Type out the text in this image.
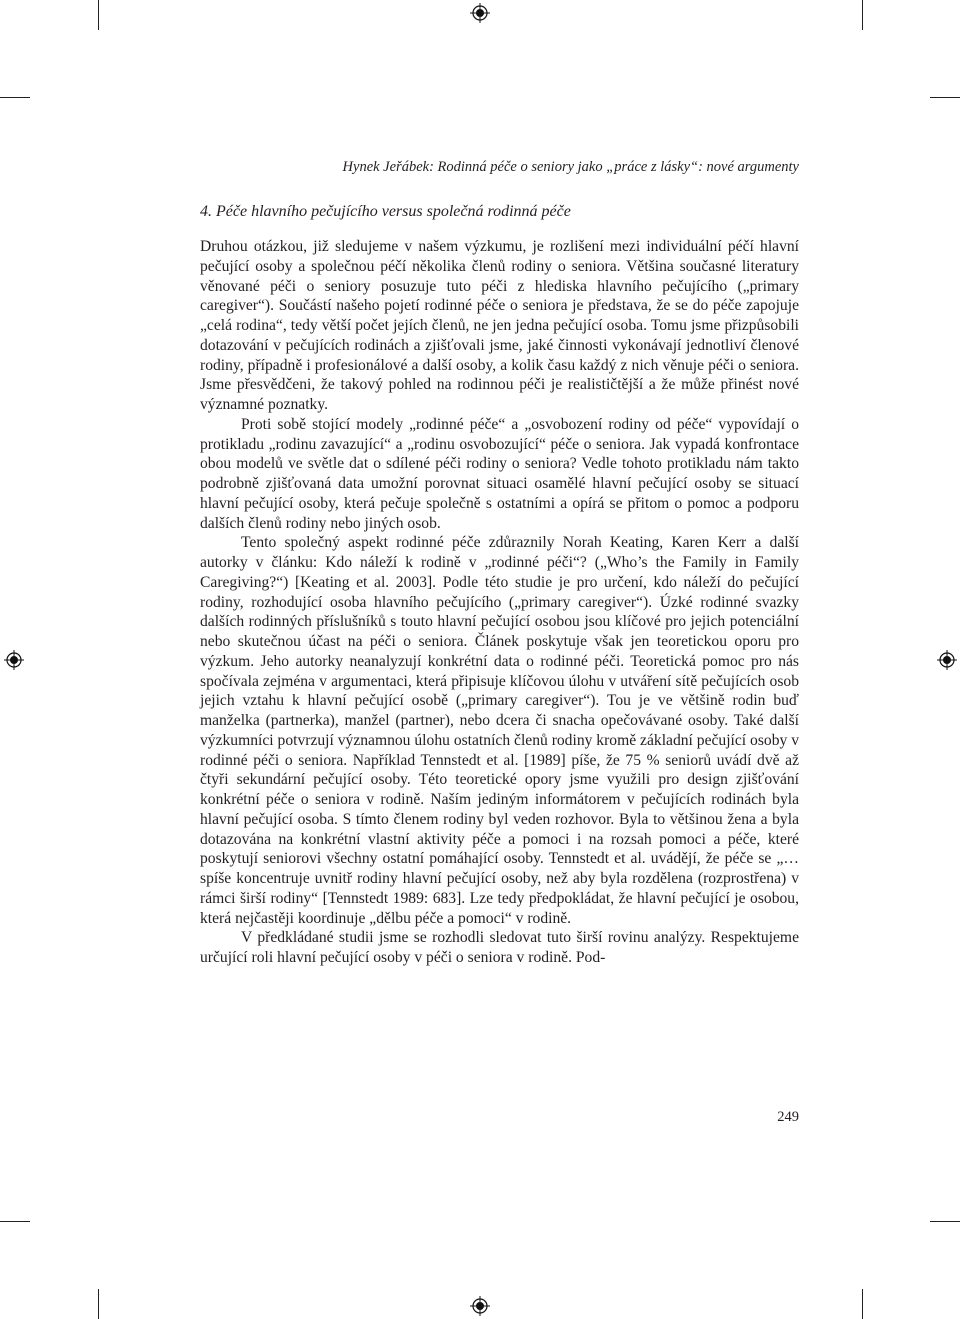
Hynek Jeřábek: Rodinná péče o seniory jako „práce z lásky“: nové argumenty
4. Péče hlavního pečujícího versus společná rodinná péče

Druhou otázkou, již sledujeme v našem výzkumu, je rozlišení mezi individuální péčí hlavní pečující osoby a společnou péčí několika členů rodiny o seniora. Většina současné literatury věnované péči o seniory posuzuje tuto péči z hlediska hlavního pečujícího („primary caregiver“). Součástí našeho pojetí rodinné péče o seniora je představa, že se do péče zapojuje „celá rodina“, tedy větší počet jejích členů, ne jen jedna pečující osoba. Tomu jsme přizpůsobili dotazování v pečujících rodinách a zjišťovali jsme, jaké činnosti vykonávají jednotliví členové rodiny, případně i profesionálové a další osoby, a kolik času každý z nich věnuje péči o seniora. Jsme přesvědčeni, že takový pohled na rodinnou péči je realističtější a že může přinést nové významné poznatky.

Proti sobě stojící modely „rodinné péče“ a „osvobození rodiny od péče“ vypovídají o protikladu „rodinu zavazující“ a „rodinu osvobozující“ péče o seniora. Jak vypadá konfrontace obou modelů ve světle dat o sdílené péči rodiny o seniora? Vedle tohoto protikladu nám takto podrobně zjišťovaná data umožní porovnat situaci osamělé hlavní pečující osoby se situací hlavní pečující osoby, která pečuje společně s ostatními a opírá se přitom o pomoc a podporu dalších členů rodiny nebo jiných osob.

Tento společný aspekt rodinné péče zdůraznily Norah Keating, Karen Kerr a další autorky v článku: Kdo náleží k rodině v „rodinné péči“? („Who’s the Family in Family Caregiving?“) [Keating et al. 2003]. Podle této studie je pro určení, kdo náleží do pečující rodiny, rozhodující osoba hlavního pečujícího („primary caregiver“). Úzké rodinné svazky dalších rodinných příslušníků s touto hlavní pečující osobou jsou klíčové pro jejich potenciální nebo skutečnou účast na péči o seniora. Článek poskytuje však jen teoretickou oporu pro výzkum. Jeho autorky neanalyzují konkrétní data o rodinné péči. Teoretická pomoc pro nás spočívala zejména v argumentaci, která připisuje klíčovou úlohu v utváření sítě pečujících osob jejich vztahu k hlavní pečující osobě („primary caregiver“). Tou je ve většině rodin buď manželka (partnerka), manžel (partner), nebo dcera či snacha opečovávané osoby. Také další výzkumníci potvrzují významnou úlohu ostatních členů rodiny kromě základní pečující osoby v rodinné péči o seniora. Například Tennstedt et al. [1989] píše, že 75 % seniorů uvádí dvě až čtyři sekundární pečující osoby. Této teoretické opory jsme využili pro design zjišťování konkrétní péče o seniora v rodině. Naším jediným informátorem v pečujících rodinách byla hlavní pečující osoba. S tímto členem rodiny byl veden rozhovor. Byla to většinou žena a byla dotazována na konkrétní vlastní aktivity péče a pomoci i na rozsah pomoci a péče, které poskytují seniorovi všechny ostatní pomáhající osoby. Tennstedt et al. uvádějí, že péče se „… spíše koncentruje uvnitř rodiny hlavní pečující osoby, než aby byla rozdělena (rozprostřena) v rámci širší rodiny“ [Tennstedt 1989: 683]. Lze tedy předpokládat, že hlavní pečující je osobou, která nejčastěji koordinuje „dělbu péče a pomoci“ v rodině.

V předkládané studii jsme se rozhodli sledovat tuto širší rovinu analýzy. Respektujeme určující roli hlavní pečující osoby v péči o seniora v rodině. Pod-

249
